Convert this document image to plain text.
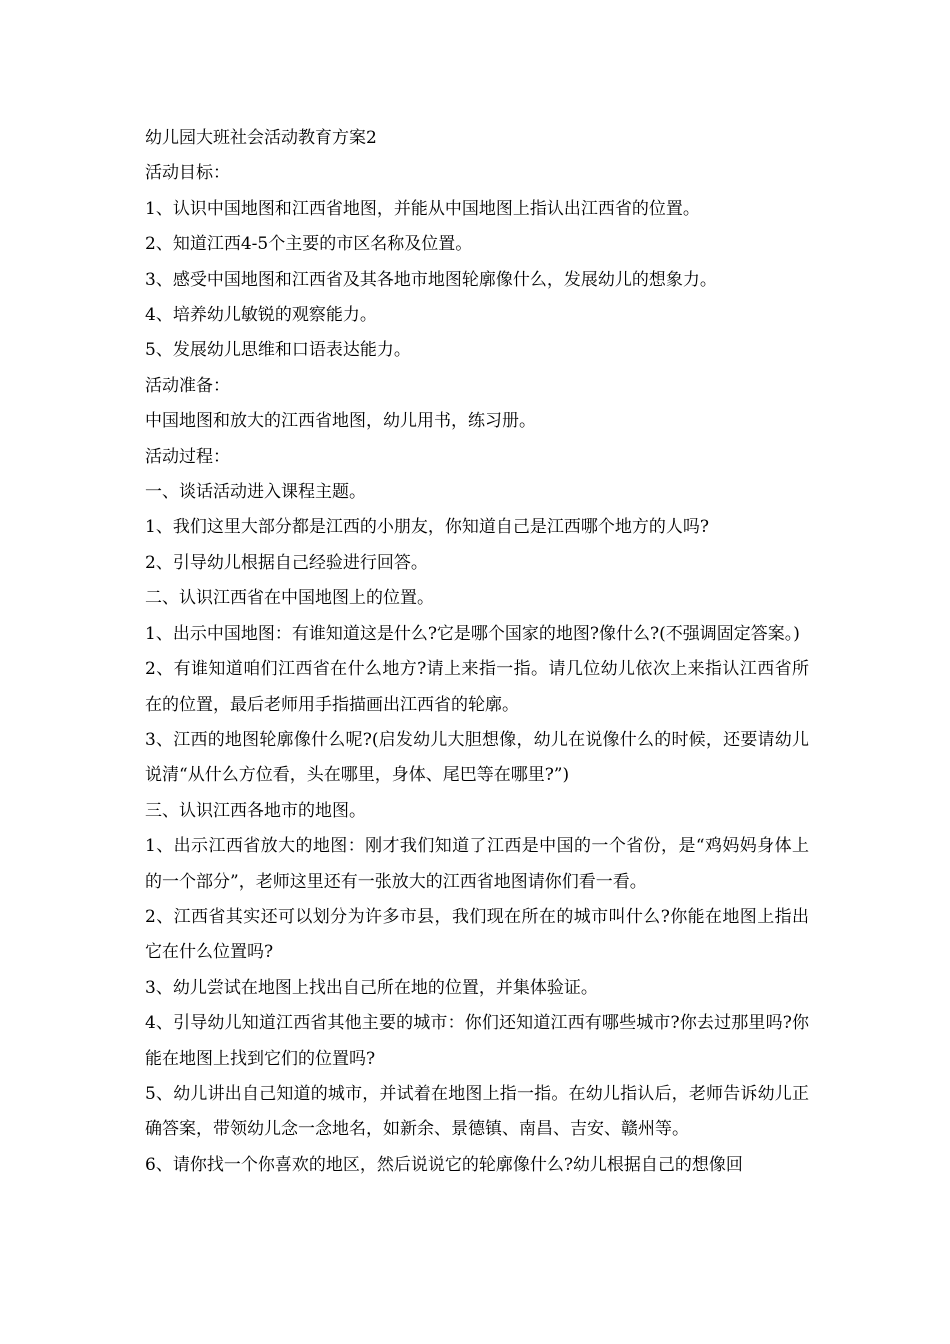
幼儿园大班社会活动教育方案2

活动目标：

1、认识中国地图和江西省地图，并能从中国地图上指认出江西省的位置。

2、知道江西4-5个主要的市区名称及位置。

3、感受中国地图和江西省及其各地市地图轮廓像什么，发展幼儿的想象力。

4、培养幼儿敏锐的观察能力。

5、发展幼儿思维和口语表达能力。

活动准备：

中国地图和放大的江西省地图，幼儿用书，练习册。

活动过程：

一、谈话活动进入课程主题。

1、我们这里大部分都是江西的小朋友，你知道自己是江西哪个地方的人吗?

2、引导幼儿根据自己经验进行回答。

二、认识江西省在中国地图上的位置。

1、出示中国地图：有谁知道这是什么?它是哪个国家的地图?像什么?(不强调固定答案。)

2、有谁知道咱们江西省在什么地方?请上来指一指。请几位幼儿依次上来指认江西省所在的位置，最后老师用手指描画出江西省的轮廓。

3、江西的地图轮廓像什么呢?(启发幼儿大胆想像，幼儿在说像什么的时候，还要请幼儿说清“从什么方位看，头在哪里，身体、尾巴等在哪里?”)

三、认识江西各地市的地图。

1、出示江西省放大的地图：刚才我们知道了江西是中国的一个省份，是“鸡妈妈身体上的一个部分”，老师这里还有一张放大的江西省地图请你们看一看。

2、江西省其实还可以划分为许多市县，我们现在所在的城市叫什么?你能在地图上指出它在什么位置吗?

3、幼儿尝试在地图上找出自己所在地的位置，并集体验证。

4、引导幼儿知道江西省其他主要的城市：你们还知道江西有哪些城市?你去过那里吗?你能在地图上找到它们的位置吗?

5、幼儿讲出自己知道的城市，并试着在地图上指一指。在幼儿指认后，老师告诉幼儿正确答案，带领幼儿念一念地名，如新余、景德镇、南昌、吉安、赣州等。

6、请你找一个你喜欢的地区，然后说说它的轮廓像什么?幼儿根据自己的想像回
